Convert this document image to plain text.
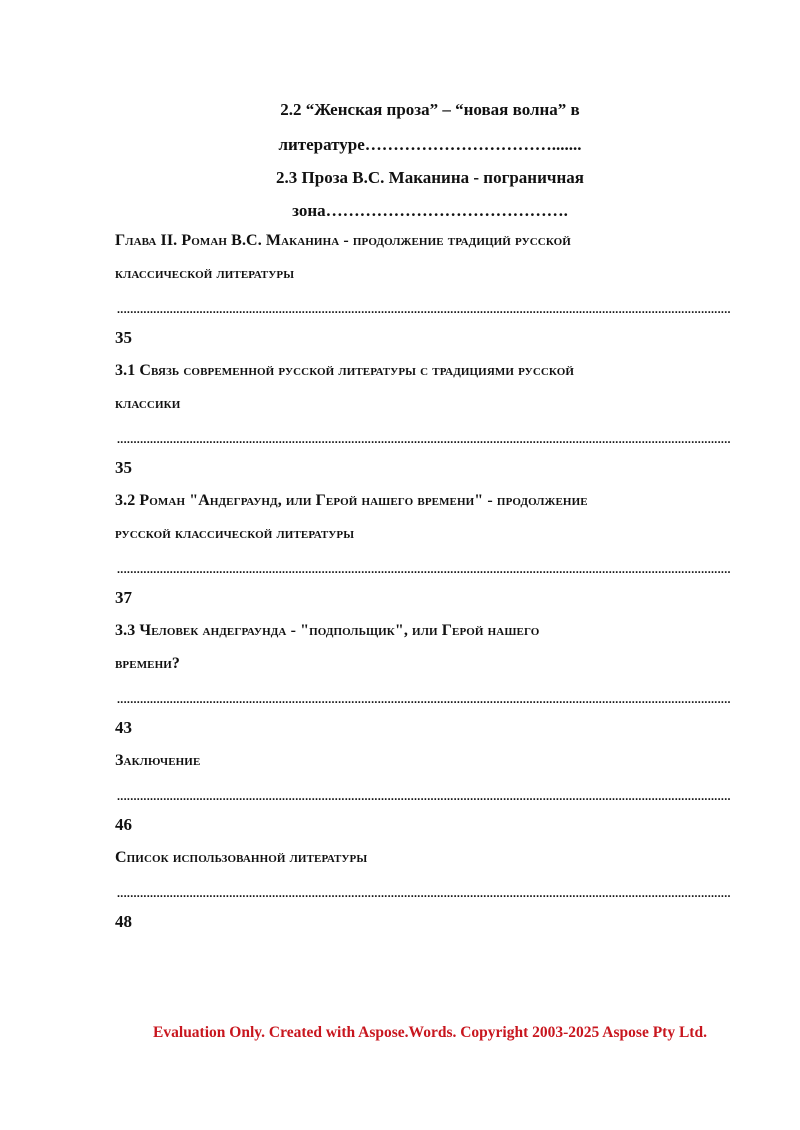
2.2 “Женская проза” – “новая волна” в
литературе…………………………….......
2.3 Проза В.С. Маканина - пограничная
зона…………………………………….
Глава II. Роман В.С. Маканина - продолжение традиций русской
классической литературы
..........................................................................................................................................................................................
35
3.1 Связь современной русской литературы с традициями русской
классики
..........................................................................................................................................................................................
35
3.2 Роман "Андеграунд, или Герой нашего времени" - продолжение
русской классической литературы
..........................................................................................................................................................................................
37
3.3 Человек андеграунда - "подпольщик", или Герой нашего
времени?
..........................................................................................................................................................................................
43
Заключение
..........................................................................................................................................................................................
46
Список использованной литературы
..........................................................................................................................................................................................
48
Evaluation Only. Created with Aspose.Words. Copyright 2003-2025 Aspose Pty Ltd.
